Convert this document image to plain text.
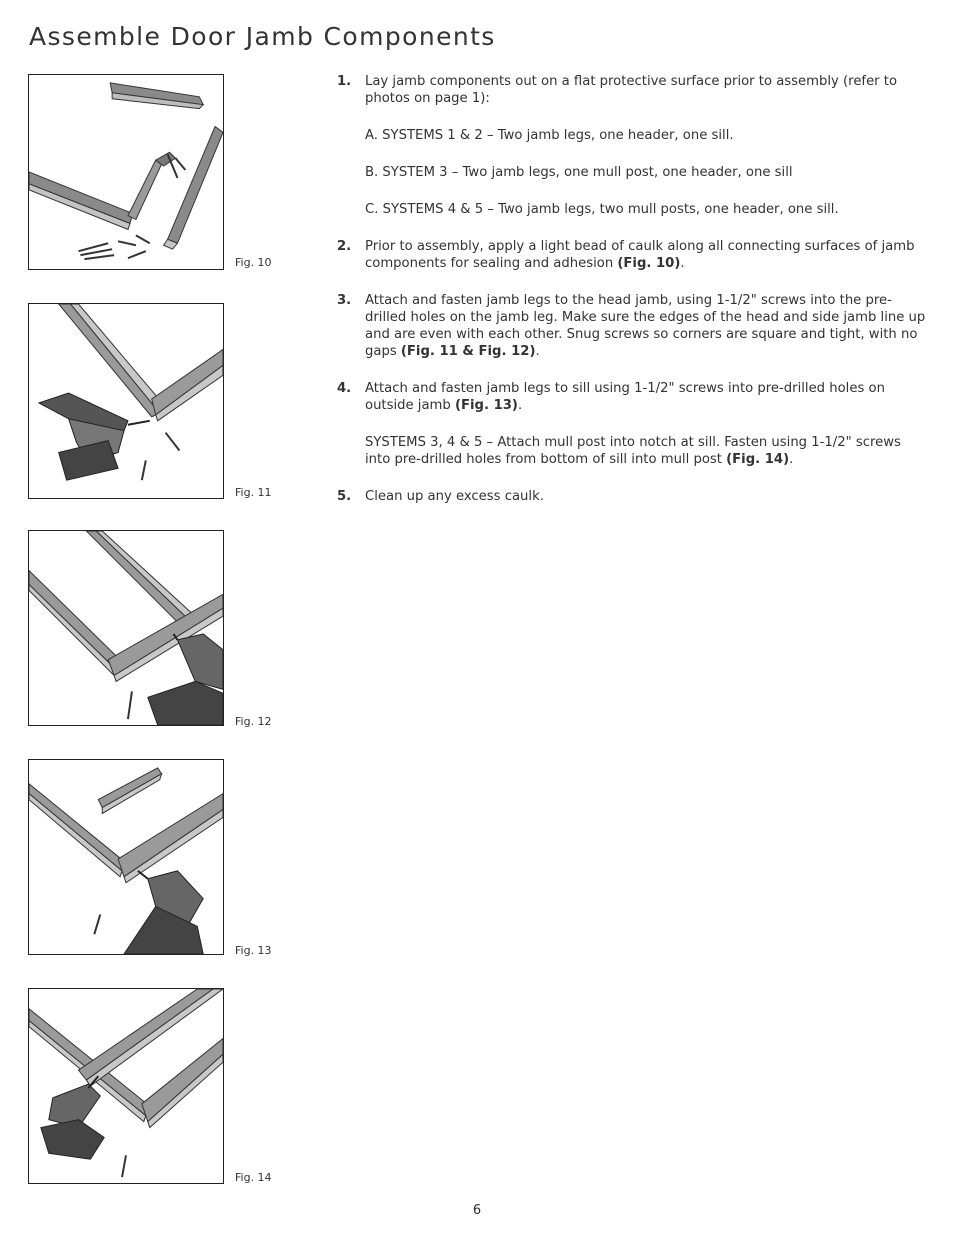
Assemble Door Jamb Components
Fig. 10
Fig. 11
Fig. 12
Fig. 13
Fig. 14
1. Lay jamb components out on a flat protective surface prior to assembly (refer to photos on page 1):

A. SYSTEMS 1 & 2 – Two jamb legs, one header, one sill.

B. SYSTEM 3 – Two jamb legs, one mull post, one header, one sill

C. SYSTEMS 4 & 5 – Two jamb legs, two mull posts, one header, one sill.

2. Prior to assembly, apply a light bead of caulk along all connecting surfaces of jamb components for sealing and adhesion (Fig. 10).

3. Attach and fasten jamb legs to the head jamb, using 1-1/2" screws into the pre-drilled holes on the jamb leg. Make sure the edges of the head and side jamb line up and are even with each other. Snug screws so corners are square and tight, with no gaps (Fig. 11 & Fig. 12).

4. Attach and fasten jamb legs to sill using 1-1/2" screws into pre-drilled holes on outside jamb (Fig. 13).

SYSTEMS 3, 4 & 5 – Attach mull post into notch at sill. Fasten using 1-1/2" screws into pre-drilled holes from bottom of sill into mull post (Fig. 14).

5. Clean up any excess caulk.

6
